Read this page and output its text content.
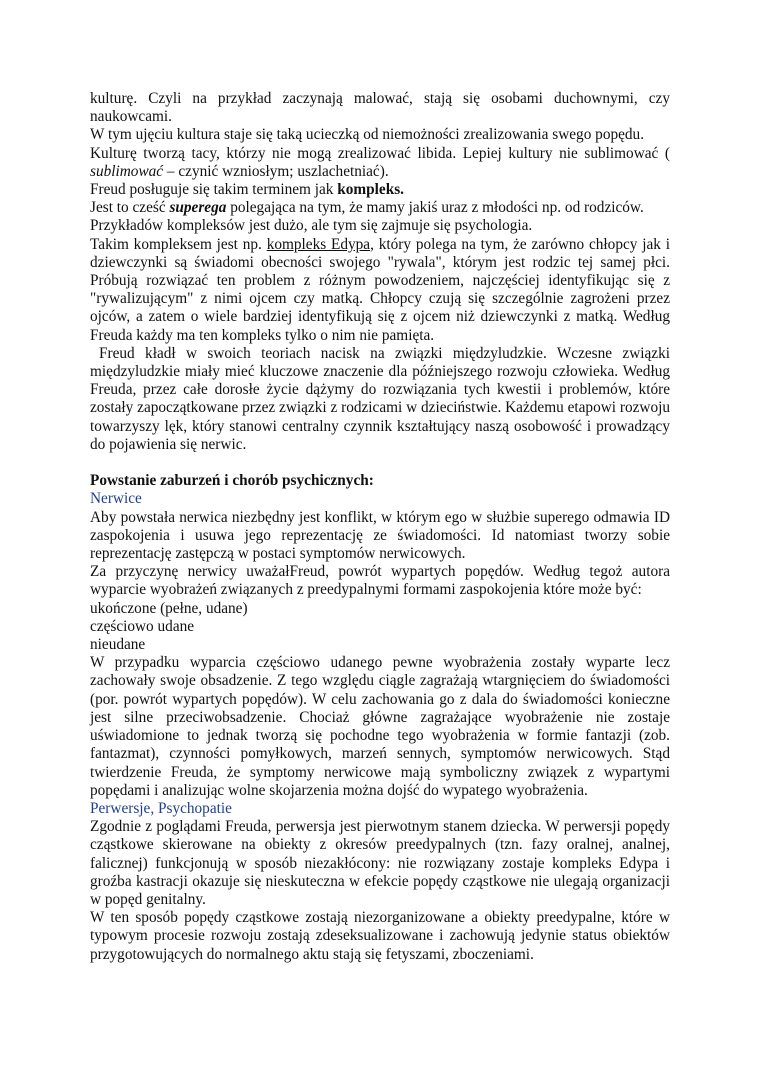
kulturę. Czyli na przykład zaczynają malować, stają się osobami duchownymi, czy naukowcami.

W tym ujęciu kultura staje się taką ucieczką od niemożności zrealizowania swego popędu.

Kulturę tworzą tacy, którzy nie mogą zrealizować libida. Lepiej kultury nie sublimować ( sublimować – czynić wzniosłym; uszlachetniać).

Freud posługuje się takim terminem jak kompleks.

Jest to cześć superega polegająca na tym, że mamy jakiś uraz z młodości np. od rodziców.

Przykładów kompleksów jest dużo, ale tym się zajmuje się psychologia.

Takim kompleksem jest np. kompleks Edypa, który polega na tym, że zarówno chłopcy jak i dziewczynki są świadomi obecności swojego "rywala", którym jest rodzic tej samej płci. Próbują rozwiązać ten problem z różnym powodzeniem, najczęściej identyfikując się z "rywalizującym" z nimi ojcem czy matką. Chłopcy czują się szczególnie zagrożeni przez ojców, a zatem o wiele bardziej identyfikują się z ojcem niż dziewczynki z matką. Według Freuda każdy ma ten kompleks tylko o nim nie pamięta.

Freud kładł w swoich teoriach nacisk na związki międzyludzkie. Wczesne związki międzyludzkie miały mieć kluczowe znaczenie dla późniejszego rozwoju człowieka. Według Freuda, przez całe dorosłe życie dążymy do rozwiązania tych kwestii i problemów, które zostały zapoczątkowane przez związki z rodzicami w dzieciństwie. Każdemu etapowi rozwoju towarzyszy lęk, który stanowi centralny czynnik kształtujący naszą osobowość i prowadzący do pojawienia się nerwic.

Powstanie zaburzeń i chorób psychicznych:

Nerwice

Aby powstała nerwica niezbędny jest konflikt, w którym ego w służbie superego odmawia ID zaspokojenia i usuwa jego reprezentację ze świadomości. Id natomiast tworzy sobie reprezentację zastępczą w postaci symptomów nerwicowych.

Za przyczynę nerwicy uważałFreud, powrót wypartych popędów. Według tegoż autora wyparcie wyobrażeń związanych z preedypalnymi formami zaspokojenia które może być:

ukończone (pełne, udane)

częściowo udane

nieudane

W przypadku wyparcia częściowo udanego pewne wyobrażenia zostały wyparte lecz zachowały swoje obsadzenie. Z tego względu ciągle zagrażają wtargnięciem do świadomości (por. powrót wypartych popędów). W celu zachowania go z dala do świadomości konieczne jest silne przeciwobsadzenie. Chociaż główne zagrażające wyobrażenie nie zostaje uświadomione to jednak tworzą się pochodne tego wyobrażenia w formie fantazji (zob. fantazmat), czynności pomyłkowych, marzeń sennych, symptomów nerwicowych. Stąd twierdzenie Freuda, że symptomy nerwicowe mają symboliczny związek z wypartymi popędami i analizując wolne skojarzenia można dojść do wypatego wyobrażenia.

Perwersje, Psychopatie

Zgodnie z poglądami Freuda, perwersja jest pierwotnym stanem dziecka. W perwersji popędy cząstkowe skierowane na obiekty z okresów preedypalnych (tzn. fazy oralnej, analnej, falicznej) funkcjonują w sposób niezakłócony: nie rozwiązany zostaje kompleks Edypa i groźba kastracji okazuje się nieskuteczna w efekcie popędy cząstkowe nie ulegają organizacji w popęd genitalny.

W ten sposób popędy cząstkowe zostają niezorganizowane a obiekty preedypalne, które w typowym procesie rozwoju zostają zdeseksualizowane i zachowują jedynie status obiektów przygotowujących do normalnego aktu stają się fetyszami, zboczeniami.
